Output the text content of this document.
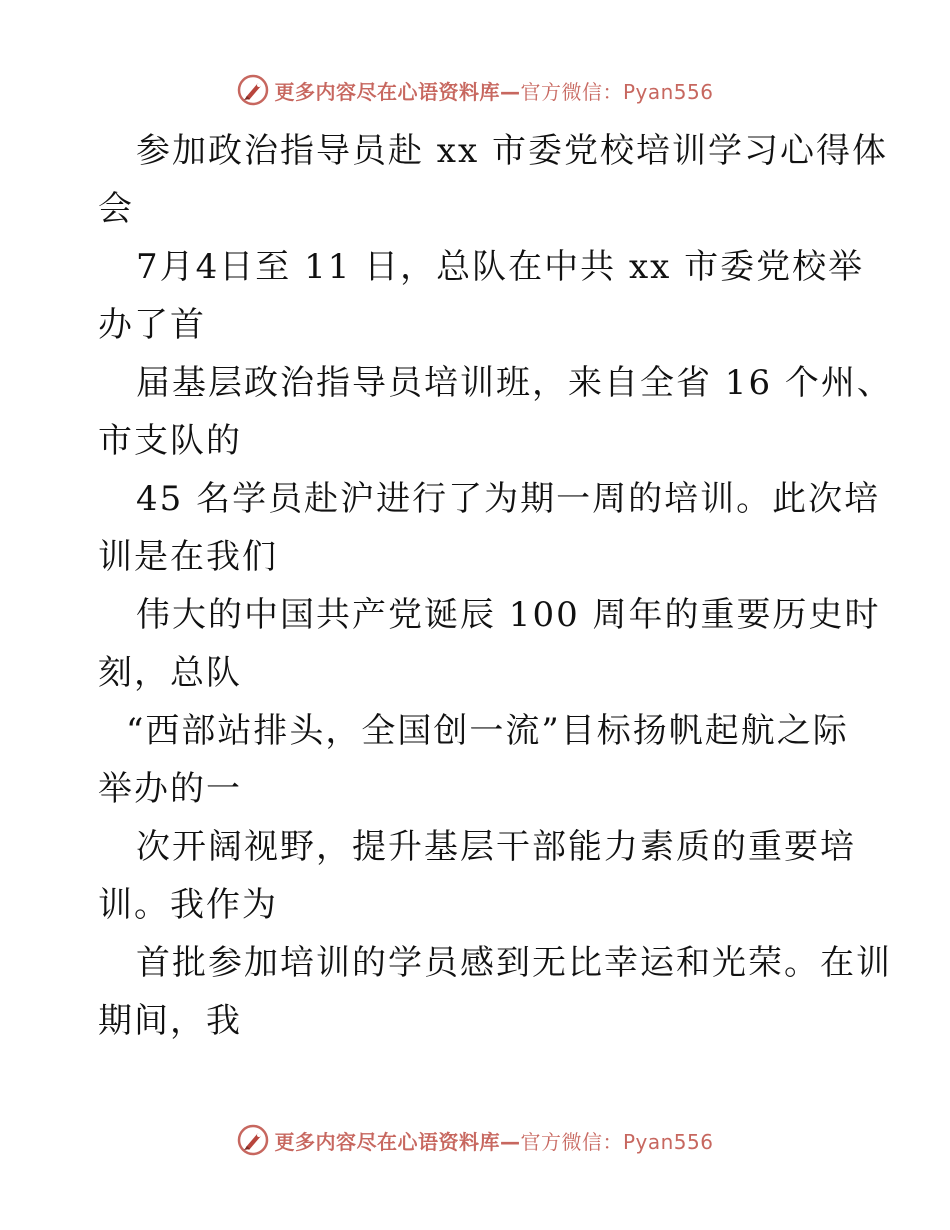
更多内容尽在心语资料库—官方微信：Pyan556
参加政治指导员赴 xx 市委党校培训学习心得体
会
7月4日至 11 日，总队在中共 xx 市委党校举
办了首
届基层政治指导员培训班，来自全省 16 个州、
市支队的
45 名学员赴沪进行了为期一周的培训。此次培
训是在我们
伟大的中国共产党诞辰 100 周年的重要历史时
刻，总队
“西部站排头，全国创一流”目标扬帆起航之际
举办的一
次开阔视野，提升基层干部能力素质的重要培
训。我作为
首批参加培训的学员感到无比幸运和光荣。在训
期间，我
更多内容尽在心语资料库—官方微信：Pyan556
